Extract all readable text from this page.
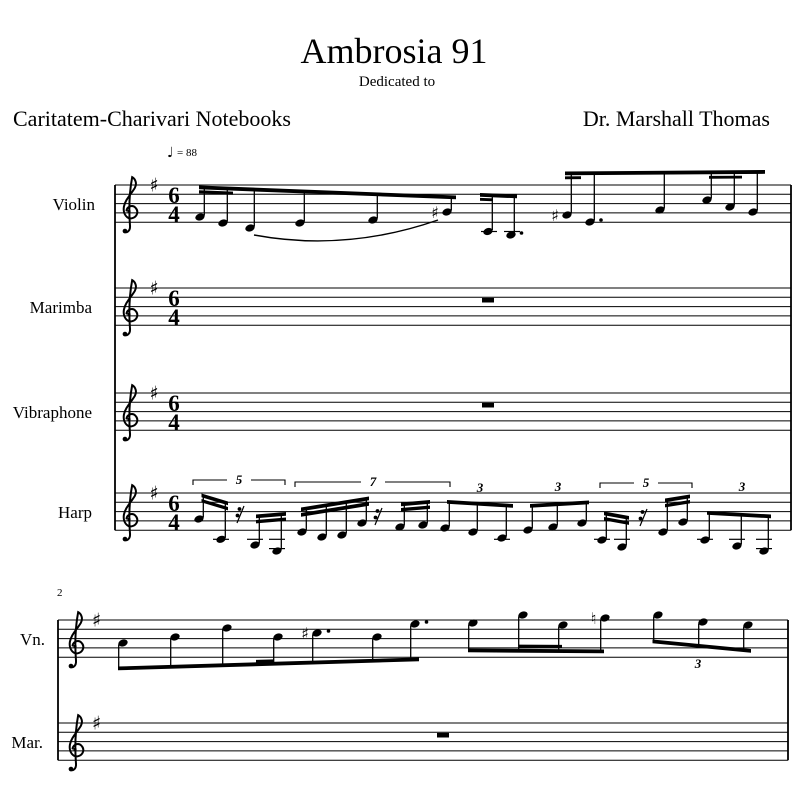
Ambrosia 91
Dedicated to
Caritatem-Charivari Notebooks	Dr. Marshall Thomas
♩ = 88
Violin
♯ 6
4	♯	♯
Marimba
♯ 6
4
Vibraphone
♯ 6
4
Harp
♯ 6
4
5	7	3	3	5	3
2
Vn.
♯
♯
♮
3
Mar.
♯
